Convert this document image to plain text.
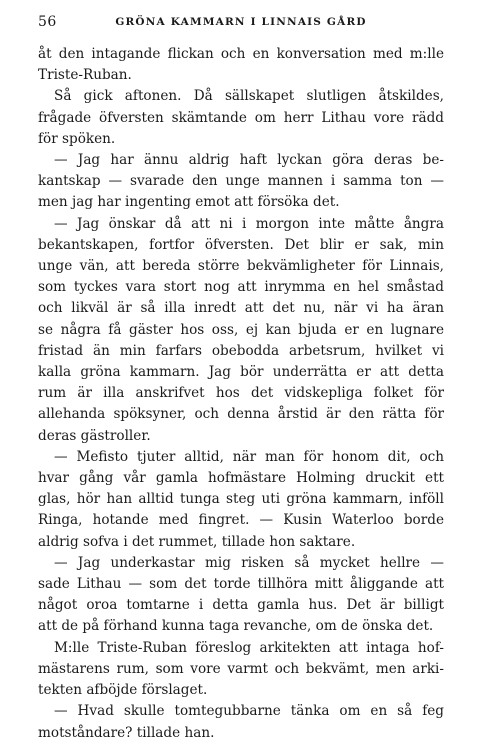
56	GRÖNA KAMMARN I LINNAIS GÅRD
åt den intagande flickan och en konversation med m:lle
Triste-Ruban.
Så gick aftonen. Då sällskapet slutligen åtskildes,
frågade öfversten skämtande om herr Lithau vore rädd
för spöken.
— Jag har ännu aldrig haft lyckan göra deras be-
kantskap — svarade den unge mannen i samma ton —
men jag har ingenting emot att försöka det.
— Jag önskar då att ni i morgon inte måtte ångra
bekantskapen, fortfor öfversten. Det blir er sak, min
unge vän, att bereda större bekvämligheter för Linnais,
som tyckes vara stort nog att inrymma en hel småstad
och likväl är så illa inredt att det nu, när vi ha äran
se några få gäster hos oss, ej kan bjuda er en lugnare
fristad än min farfars obebodda arbetsrum, hvilket vi
kalla gröna kammarn. Jag bör underrätta er att detta
rum är illa anskrifvet hos det vidskepliga folket för
allehanda spöksyner, och denna årstid är den rätta för
deras gästroller.
— Mefisto tjuter alltid, när man för honom dit, och
hvar gång vår gamla hofmästare Holming druckit ett
glas, hör han alltid tunga steg uti gröna kammarn, inföll
Ringa, hotande med fingret. — Kusin Waterloo borde
aldrig sofva i det rummet, tillade hon saktare.
— Jag underkastar mig risken så mycket hellre —
sade Lithau — som det torde tillhöra mitt åliggande att
något oroa tomtarne i detta gamla hus. Det är billigt
att de på förhand kunna taga revanche, om de önska det.
M:lle Triste-Ruban föreslog arkitekten att intaga hof-
mästarens rum, som vore varmt och bekvämt, men arki-
tekten afböjde förslaget.
— Hvad skulle tomtegubbarne tänka om en så feg
motståndare? tillade han.
